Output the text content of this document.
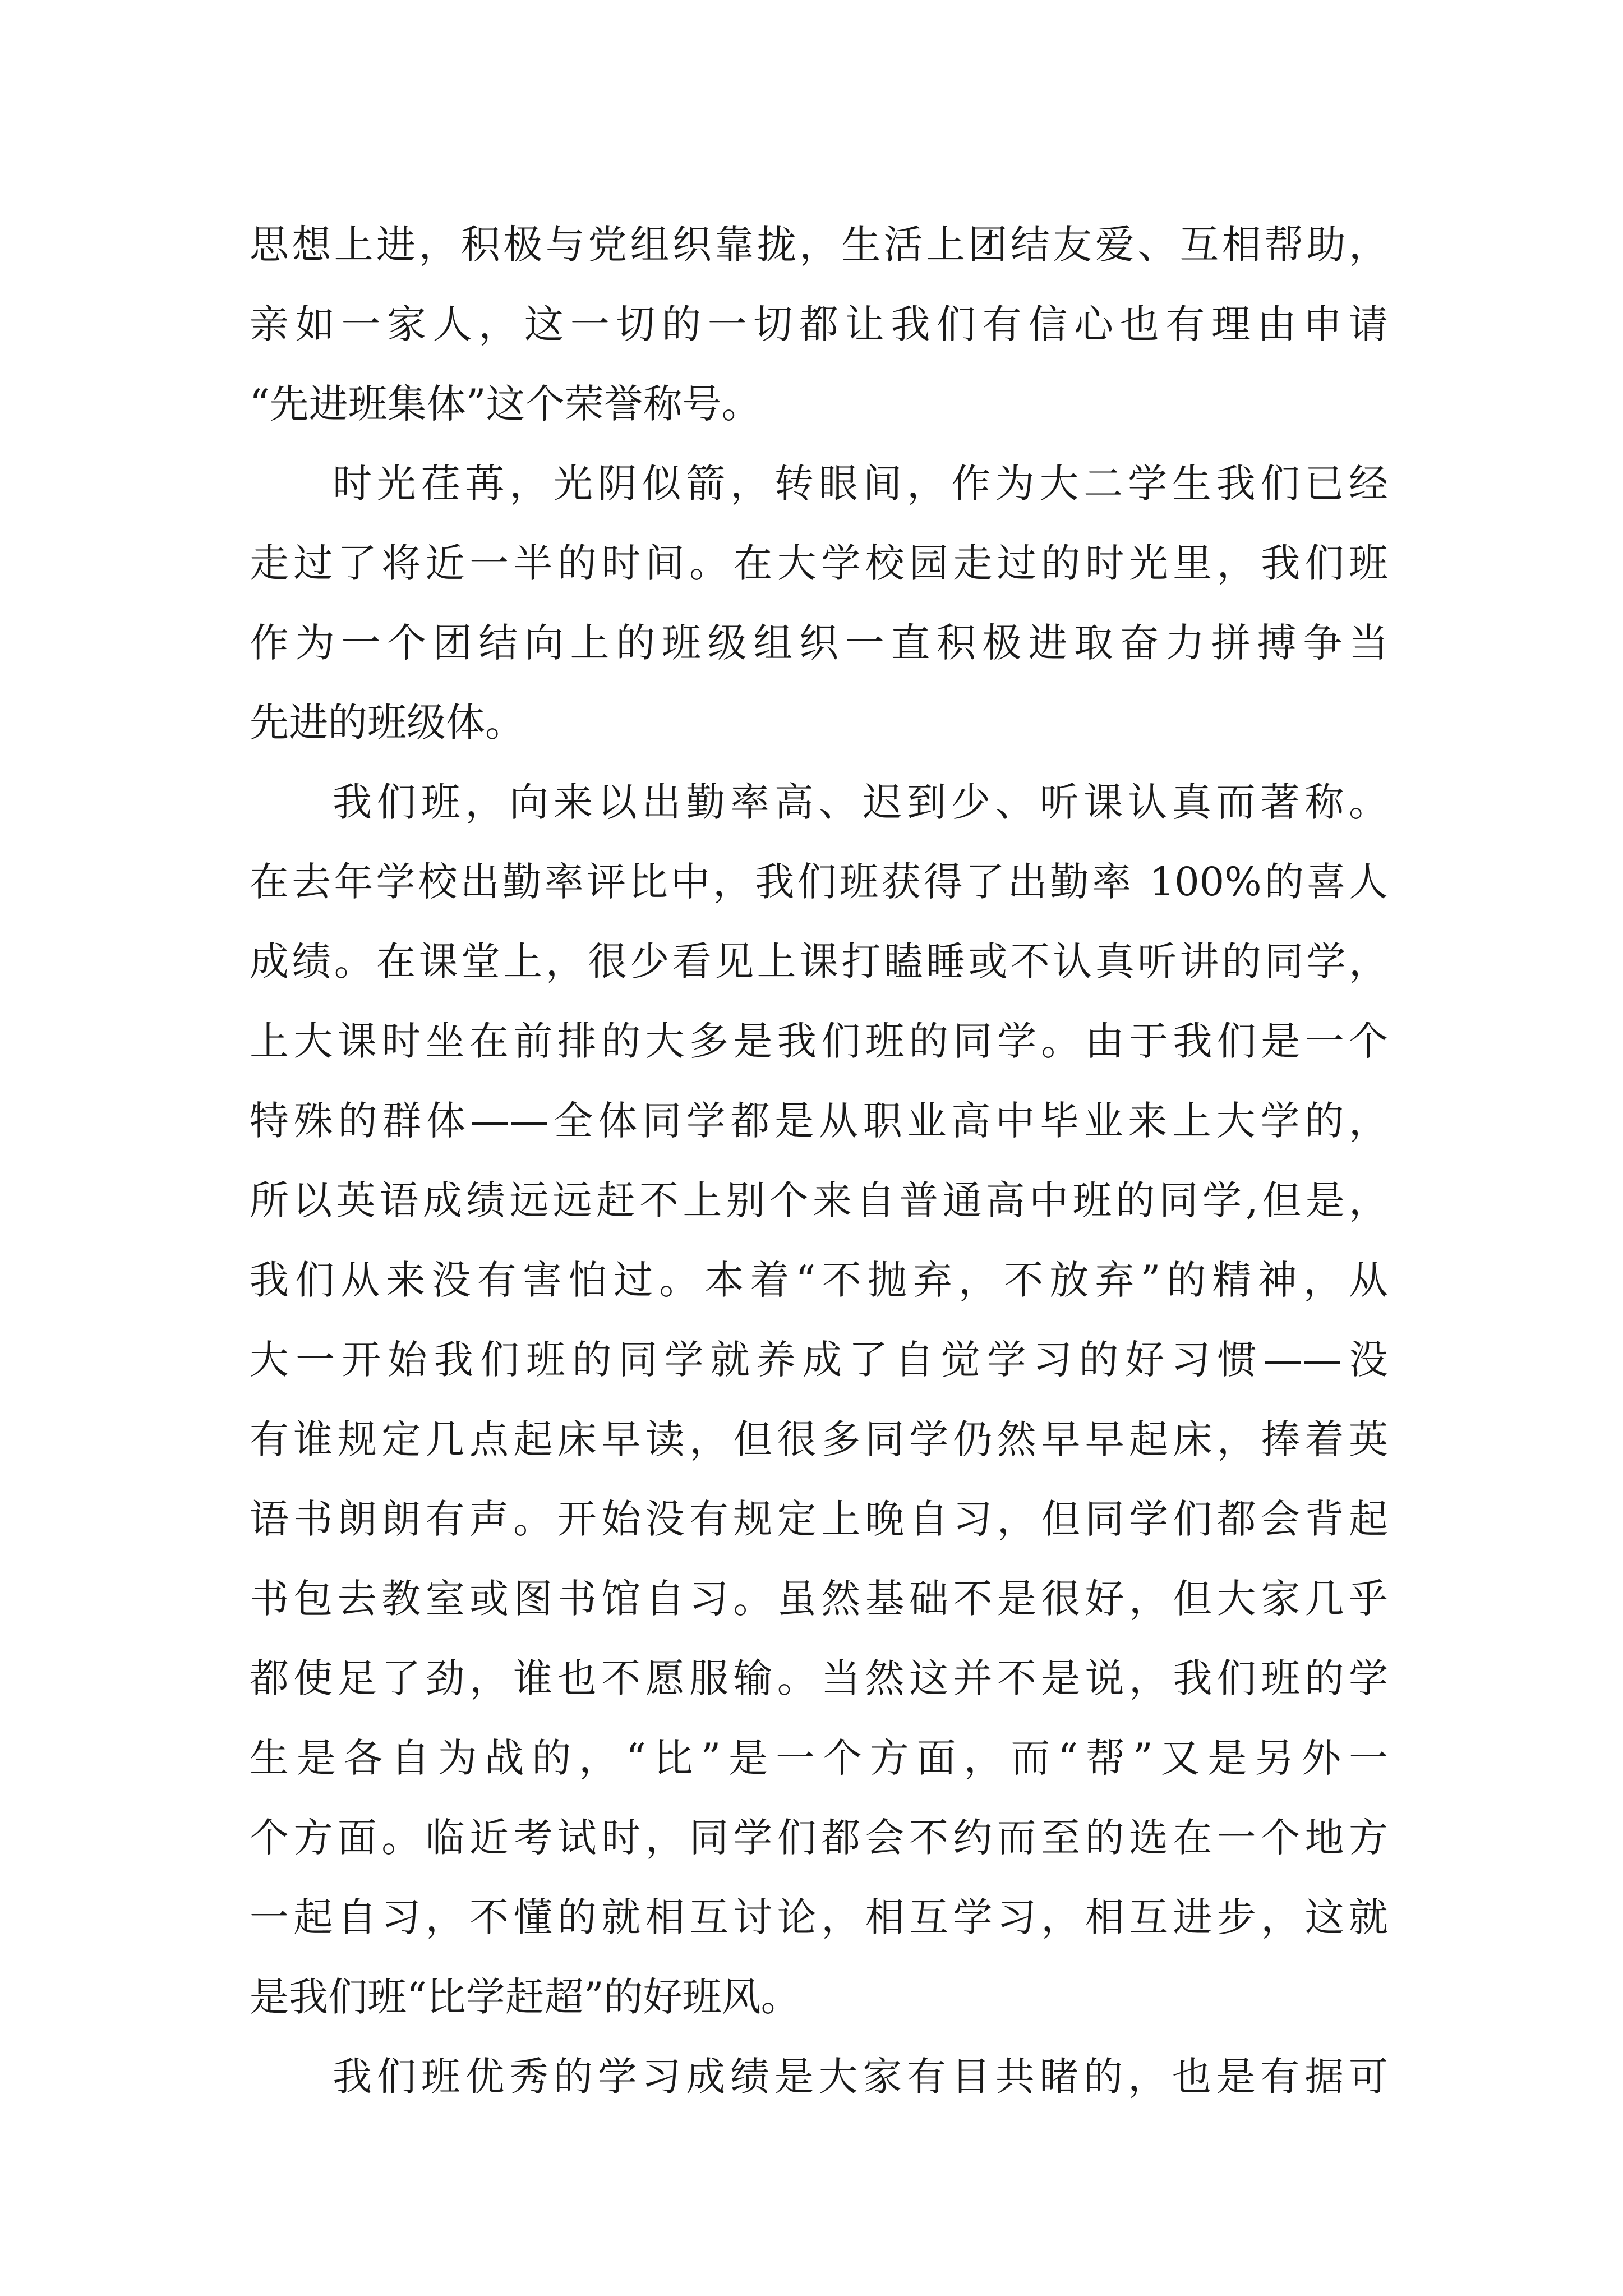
思想上进，积极与党组织靠拢，生活上团结友爱、互相帮助，
亲如一家人，这一切的一切都让我们有信心也有理由申请
“先进班集体”这个荣誉称号。
时光荏苒，光阴似箭，转眼间，作为大二学生我们已经
走过了将近一半的时间。在大学校园走过的时光里，我们班
作为一个团结向上的班级组织一直积极进取奋力拼搏争当
先进的班级体。
我们班，向来以出勤率高、迟到少、听课认真而著称。
在去年学校出勤率评比中，我们班获得了出勤率 100%的喜人
成绩。在课堂上，很少看见上课打瞌睡或不认真听讲的同学，
上大课时坐在前排的大多是我们班的同学。由于我们是一个
特殊的群体——全体同学都是从职业高中毕业来上大学的，
所以英语成绩远远赶不上别个来自普通高中班的同学,但是，
我们从来没有害怕过。本着“不抛弃，不放弃”的精神，从
大一开始我们班的同学就养成了自觉学习的好习惯——没
有谁规定几点起床早读，但很多同学仍然早早起床，捧着英
语书朗朗有声。开始没有规定上晚自习，但同学们都会背起
书包去教室或图书馆自习。虽然基础不是很好，但大家几乎
都使足了劲，谁也不愿服输。当然这并不是说，我们班的学
生是各自为战的，“比”是一个方面，而“帮”又是另外一
个方面。临近考试时，同学们都会不约而至的选在一个地方
一起自习，不懂的就相互讨论，相互学习，相互进步，这就
是我们班“比学赶超”的好班风。
我们班优秀的学习成绩是大家有目共睹的，也是有据可
